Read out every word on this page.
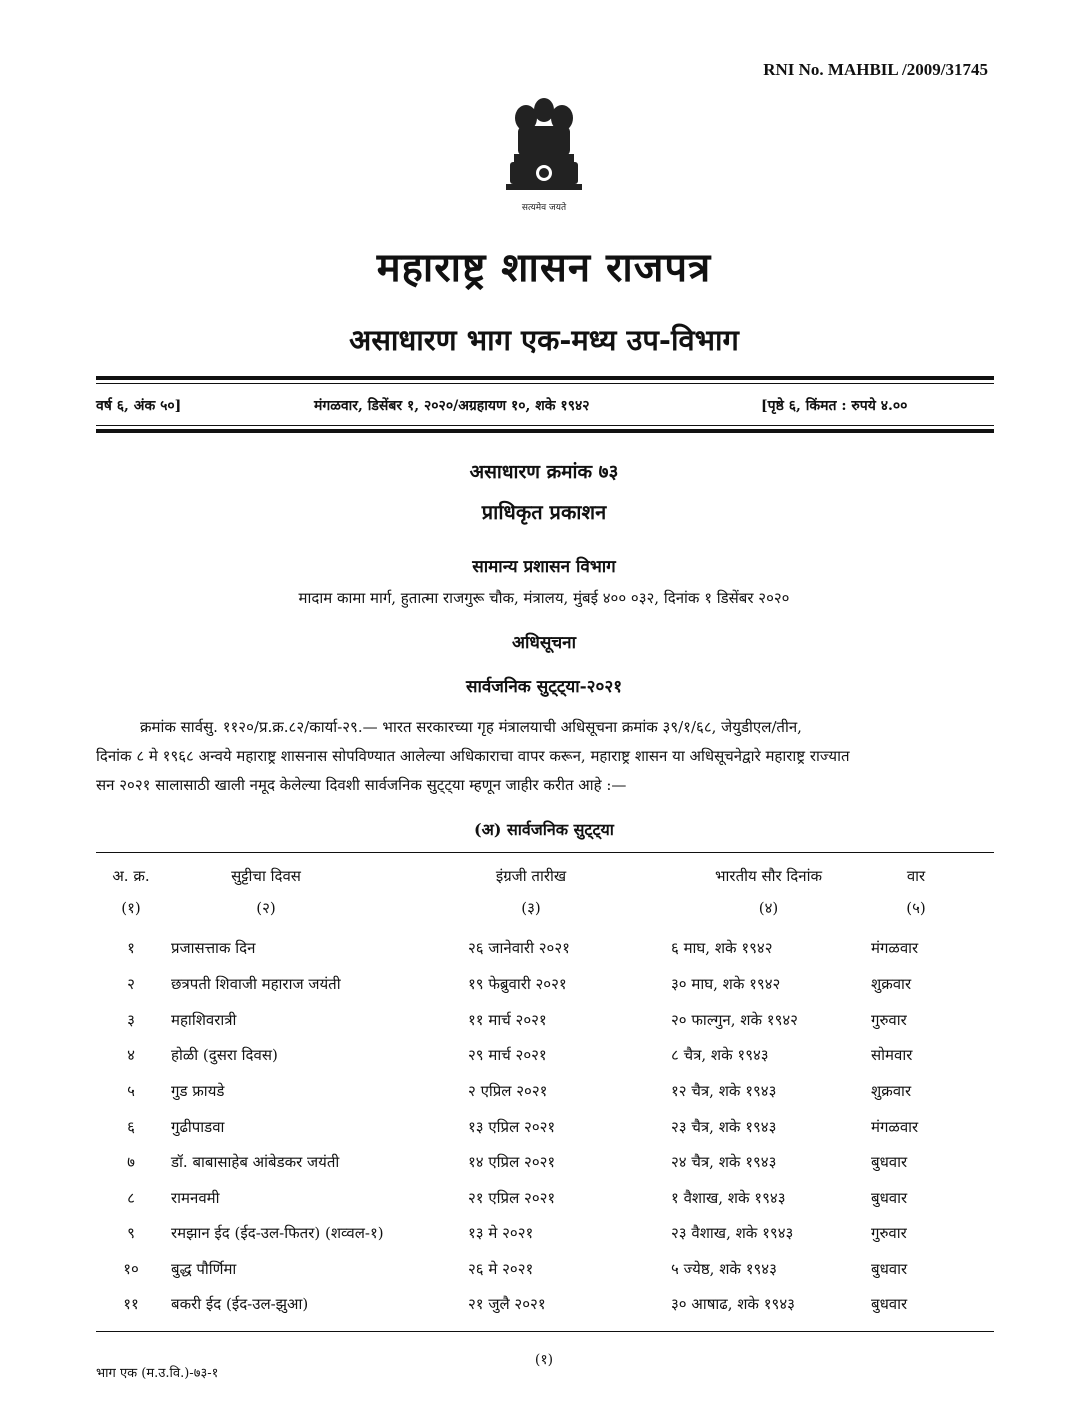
RNI No. MAHBIL /2009/31745
सत्यमेव जयते
महाराष्ट्र शासन राजपत्र
असाधारण भाग एक-मध्य उप-विभाग
वर्ष ६, अंक ५०]	मंगळवार, डिसेंबर १, २०२०/अग्रहायण १०, शके १९४२	[पृष्ठे ६, किंमत : रुपये ४.००
असाधारण क्रमांक ७३
प्राधिकृत प्रकाशन
सामान्य प्रशासन विभाग
मादाम कामा मार्ग, हुतात्मा राजगुरू चौक, मंत्रालय, मुंबई ४०० ०३२, दिनांक १ डिसेंबर २०२०
अधिसूचना
सार्वजनिक सुट्ट्या-२०२१
क्रमांक सार्वसु. ११२०/प्र.क्र.८२/कार्या-२९.— भारत सरकारच्या गृह मंत्रालयाची अधिसूचना क्रमांक ३९/१/६८, जेयुडीएल/तीन,
दिनांक ८ मे १९६८ अन्वये महाराष्ट्र शासनास सोपविण्यात आलेल्या अधिकाराचा वापर करून, महाराष्ट्र शासन या अधिसूचनेद्वारे महाराष्ट्र राज्यात
सन २०२१ सालासाठी खाली नमूद केलेल्या दिवशी सार्वजनिक सुट्ट्या म्हणून जाहीर करीत आहे :—
(अ) सार्वजनिक सुट्ट्या
अ. क्र.	सुट्टीचा दिवस	इंग्रजी तारीख	भारतीय सौर दिनांक	वार
(१)	(२)	(३)	(४)	(५)
१	प्रजासत्ताक दिन	२६ जानेवारी २०२१	६ माघ, शके १९४२	मंगळवार
२	छत्रपती शिवाजी महाराज जयंती	१९ फेब्रुवारी २०२१	३० माघ, शके १९४२	शुक्रवार
३	महाशिवरात्री	११ मार्च २०२१	२० फाल्गुन, शके १९४२	गुरुवार
४	होळी (दुसरा दिवस)	२९ मार्च २०२१	८ चैत्र, शके १९४३	सोमवार
५	गुड फ्रायडे	२ एप्रिल २०२१	१२ चैत्र, शके १९४३	शुक्रवार
६	गुढीपाडवा	१३ एप्रिल २०२१	२३ चैत्र, शके १९४३	मंगळवार
७	डॉ. बाबासाहेब आंबेडकर जयंती	१४ एप्रिल २०२१	२४ चैत्र, शके १९४३	बुधवार
८	रामनवमी	२१ एप्रिल २०२१	१ वैशाख, शके १९४३	बुधवार
९	रमझान ईद (ईद-उल-फितर) (शव्वल-१)	१३ मे २०२१	२३ वैशाख, शके १९४३	गुरुवार
१०	बुद्ध पौर्णिमा	२६ मे २०२१	५ ज्येष्ठ, शके १९४३	बुधवार
११	बकरी ईद (ईद-उल-झुआ)	२१ जुलै २०२१	३० आषाढ, शके १९४३	बुधवार
(१)
भाग एक (म.उ.वि.)-७३-१
